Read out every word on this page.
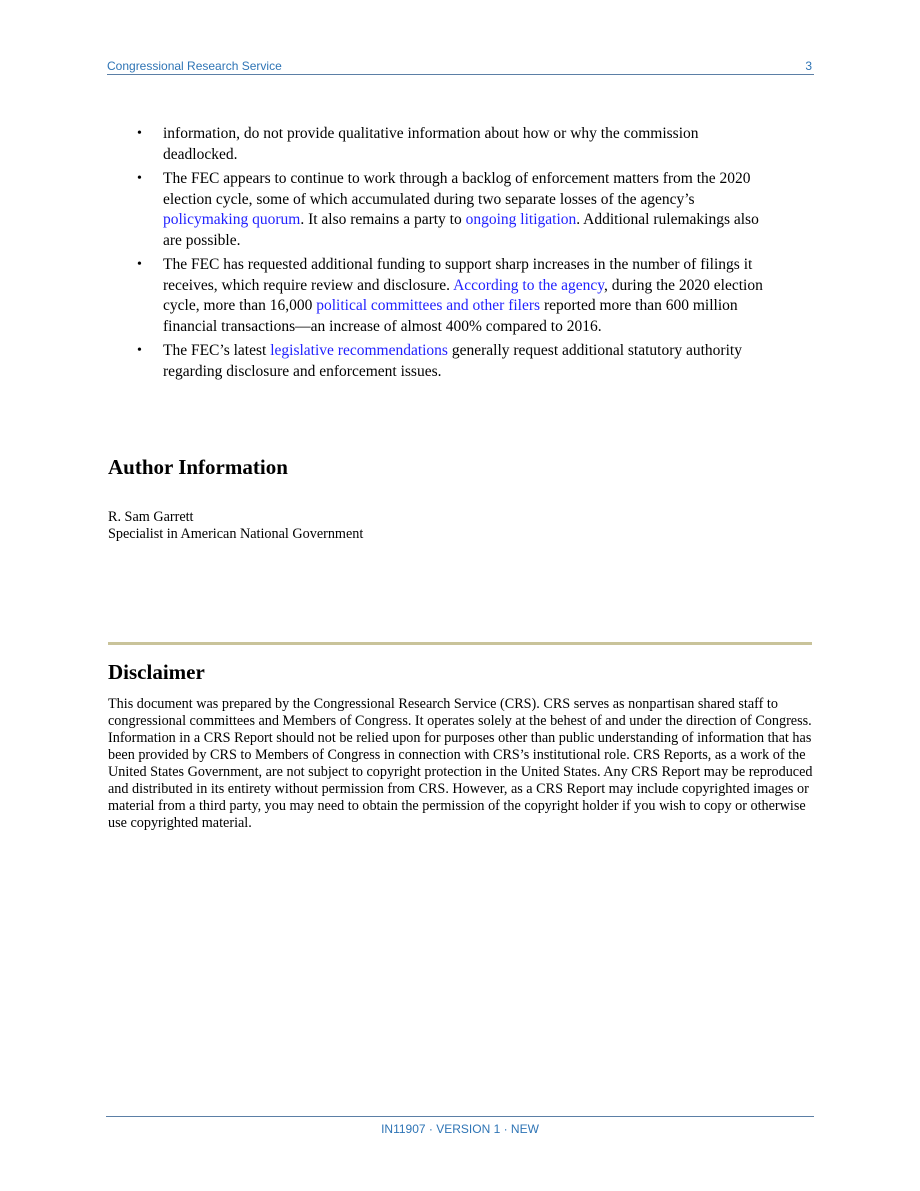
Congressional Research Service	3
• information, do not provide qualitative information about how or why the commission deadlocked.
• The FEC appears to continue to work through a backlog of enforcement matters from the 2020 election cycle, some of which accumulated during two separate losses of the agency’s policymaking quorum. It also remains a party to ongoing litigation. Additional rulemakings also are possible.
• The FEC has requested additional funding to support sharp increases in the number of filings it receives, which require review and disclosure. According to the agency, during the 2020 election cycle, more than 16,000 political committees and other filers reported more than 600 million financial transactions—an increase of almost 400% compared to 2016.
• The FEC’s latest legislative recommendations generally request additional statutory authority regarding disclosure and enforcement issues.
Author Information
R. Sam Garrett
Specialist in American National Government
Disclaimer

This document was prepared by the Congressional Research Service (CRS). CRS serves as nonpartisan shared staff to congressional committees and Members of Congress. It operates solely at the behest of and under the direction of Congress. Information in a CRS Report should not be relied upon for purposes other than public understanding of information that has been provided by CRS to Members of Congress in connection with CRS’s institutional role. CRS Reports, as a work of the United States Government, are not subject to copyright protection in the United States. Any CRS Report may be reproduced and distributed in its entirety without permission from CRS. However, as a CRS Report may include copyrighted images or material from a third party, you may need to obtain the permission of the copyright holder if you wish to copy or otherwise use copyrighted material.

IN11907 · VERSION 1 · NEW
